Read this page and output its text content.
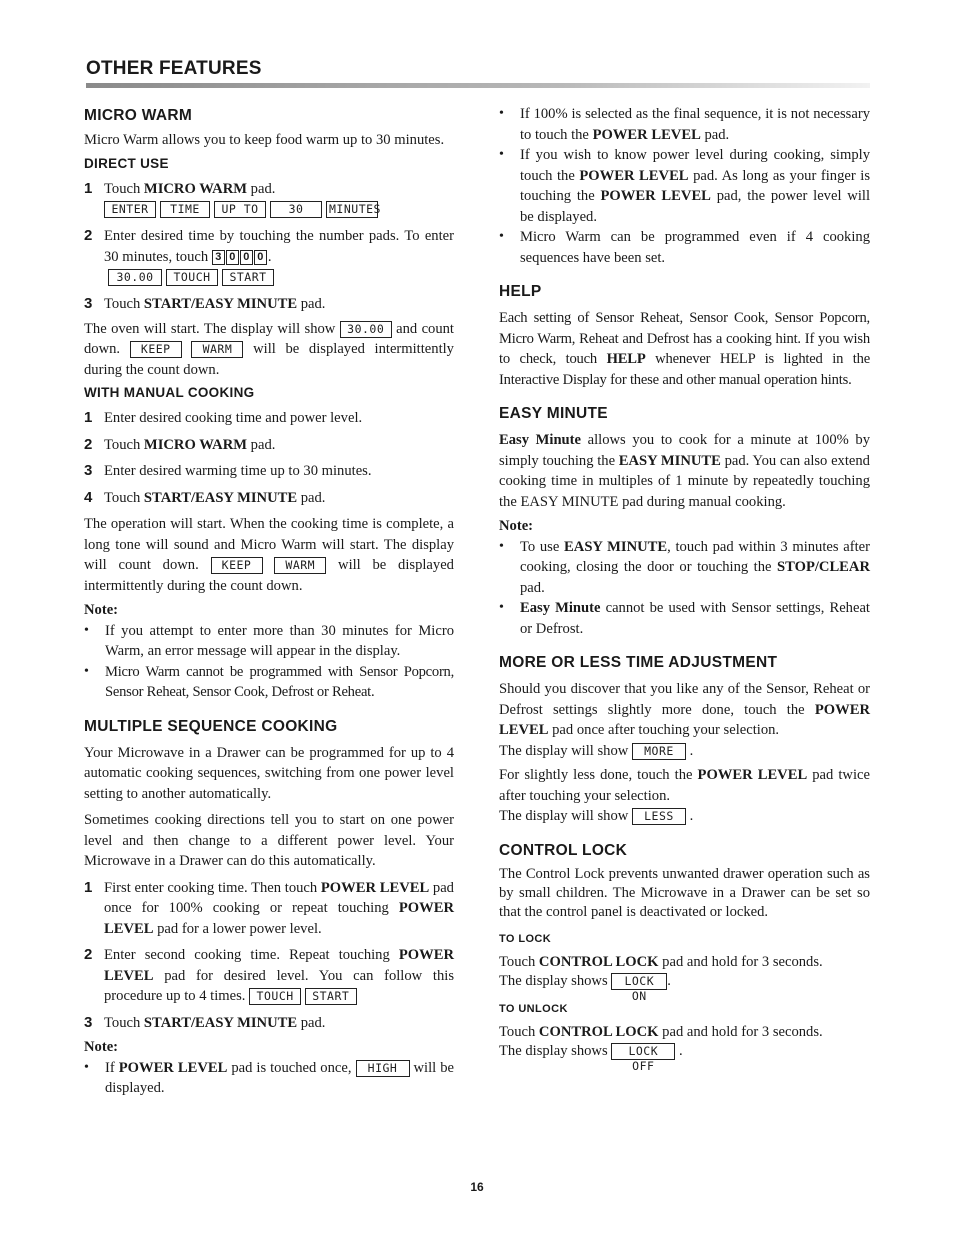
OTHER FEATURES
MICRO WARM

Micro Warm allows you to keep food warm up to 30 minutes.

DIRECT USE
1 Touch MICRO WARM pad.
ENTER	TIME	UP TO	30	MINUTES
2 Enter desired time by touching the number pads. To enter 30 minutes, touch 3 0 0 0 .
30.00	TOUCH	START
3 Touch START/EASY MINUTE pad.

The oven will start. The display will show 30.00 and count down. KEEP	WARM will be displayed intermittently during the count down.

WITH MANUAL COOKING
1 Enter desired cooking time and power level.
2 Touch MICRO WARM pad.
3 Enter desired warming time up to 30 minutes.
4 Touch START/EASY MINUTE pad.

The operation will start. When the cooking time is complete, a long tone will sound and Micro Warm will start. The display will count down. KEEP	WARM will be displayed intermittently during the count down.

Note:

•	If you attempt to enter more than 30 minutes for Micro Warm, an error message will appear in the display.
•	Micro Warm cannot be programmed with Sensor Popcorn, Sensor Reheat, Sensor Cook, Defrost or Reheat.
MULTIPLE SEQUENCE COOKING

Your Microwave in a Drawer can be programmed for up to 4 automatic cooking sequences, switching from one power level setting to another automatically.

Sometimes cooking directions tell you to start on one power level and then change to a different power level. Your Microwave in a Drawer can do this automatically.

1 First enter cooking time. Then touch POWER LEVEL pad once for 100% cooking or repeat touching POWER LEVEL pad for a lower power level.
2 Enter second cooking time. Repeat touching POWER LEVEL pad for desired level. You can follow this procedure up to 4 times. TOUCH START
3 Touch START/EASY MINUTE pad.

Note:

•	If POWER LEVEL pad is touched once, HIGH will be displayed.
•	If 100% is selected as the final sequence, it is not necessary to touch the POWER LEVEL pad.
•	If you wish to know power level during cooking, simply touch the POWER LEVEL pad. As long as your finger is touching the POWER LEVEL pad, the power level will be displayed.
•	Micro Warm can be programmed even if 4 cooking sequences have been set.
HELP

Each setting of Sensor Reheat, Sensor Cook, Sensor Popcorn, Micro Warm, Reheat and Defrost has a cooking hint. If you wish to check, touch HELP whenever HELP is lighted in the Interactive Display for these and other manual operation hints.

EASY MINUTE

Easy Minute allows you to cook for a minute at 100% by simply touching the EASY MINUTE pad. You can also extend cooking time in multiples of 1 minute by repeatedly touching the EASY MINUTE pad during manual cooking.

Note:

•	To use EASY MINUTE, touch pad within 3 minutes after cooking, closing the door or touching the STOP/CLEAR pad.
•	Easy Minute cannot be used with Sensor settings, Reheat or Defrost.
MORE OR LESS TIME ADJUSTMENT

Should you discover that you like any of the Sensor, Reheat or Defrost settings slightly more done, touch the POWER LEVEL pad once after touching your selection.

The display will show MORE .

For slightly less done, touch the POWER LEVEL pad twice after touching your selection.

The display will show LESS .

CONTROL LOCK

The Control Lock prevents unwanted drawer operation such as by small children. The Microwave in a Drawer can be set so that the control panel is deactivated or locked.

TO LOCK

Touch CONTROL LOCK pad and hold for 3 seconds.

The display shows LOCK ON.

TO UNLOCK

Touch CONTROL LOCK pad and hold for 3 seconds.

The display shows LOCK OFF .

16
